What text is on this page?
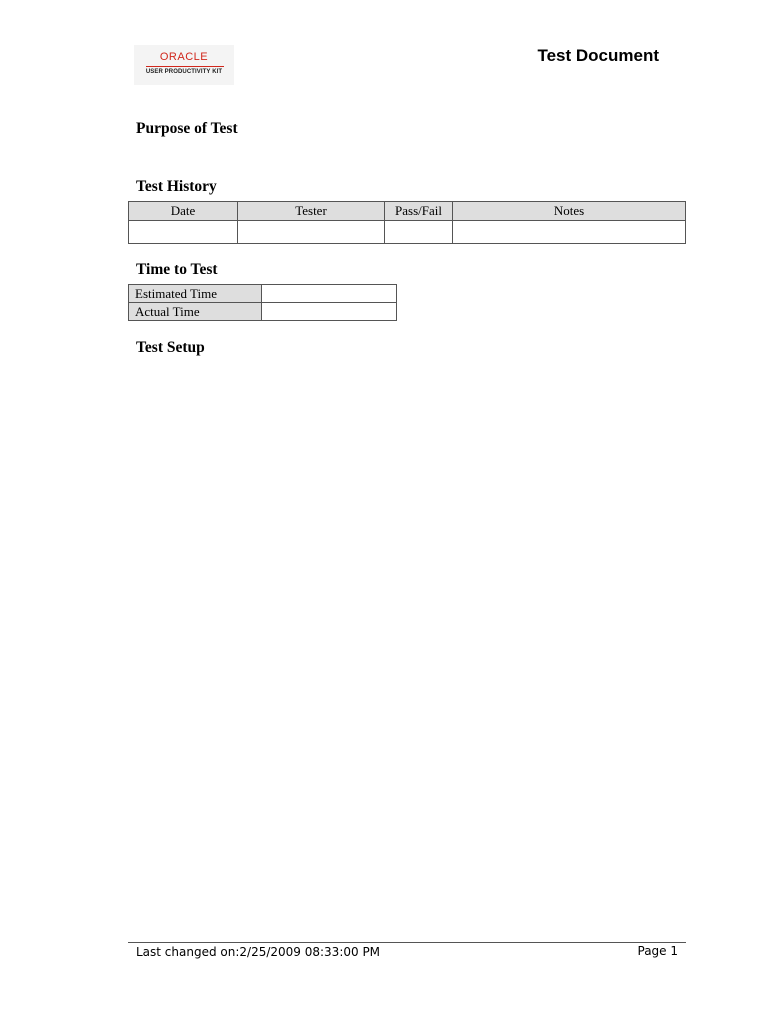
ORACLE
USER PRODUCTIVITY KIT
Test Document
Purpose of Test
Test History
Date	Tester	Pass/Fail	Notes

Time to Test
Estimated Time	
Actual Time	
Test Setup
Last changed on:2/25/2009 08:33:00 PM	Page 1
